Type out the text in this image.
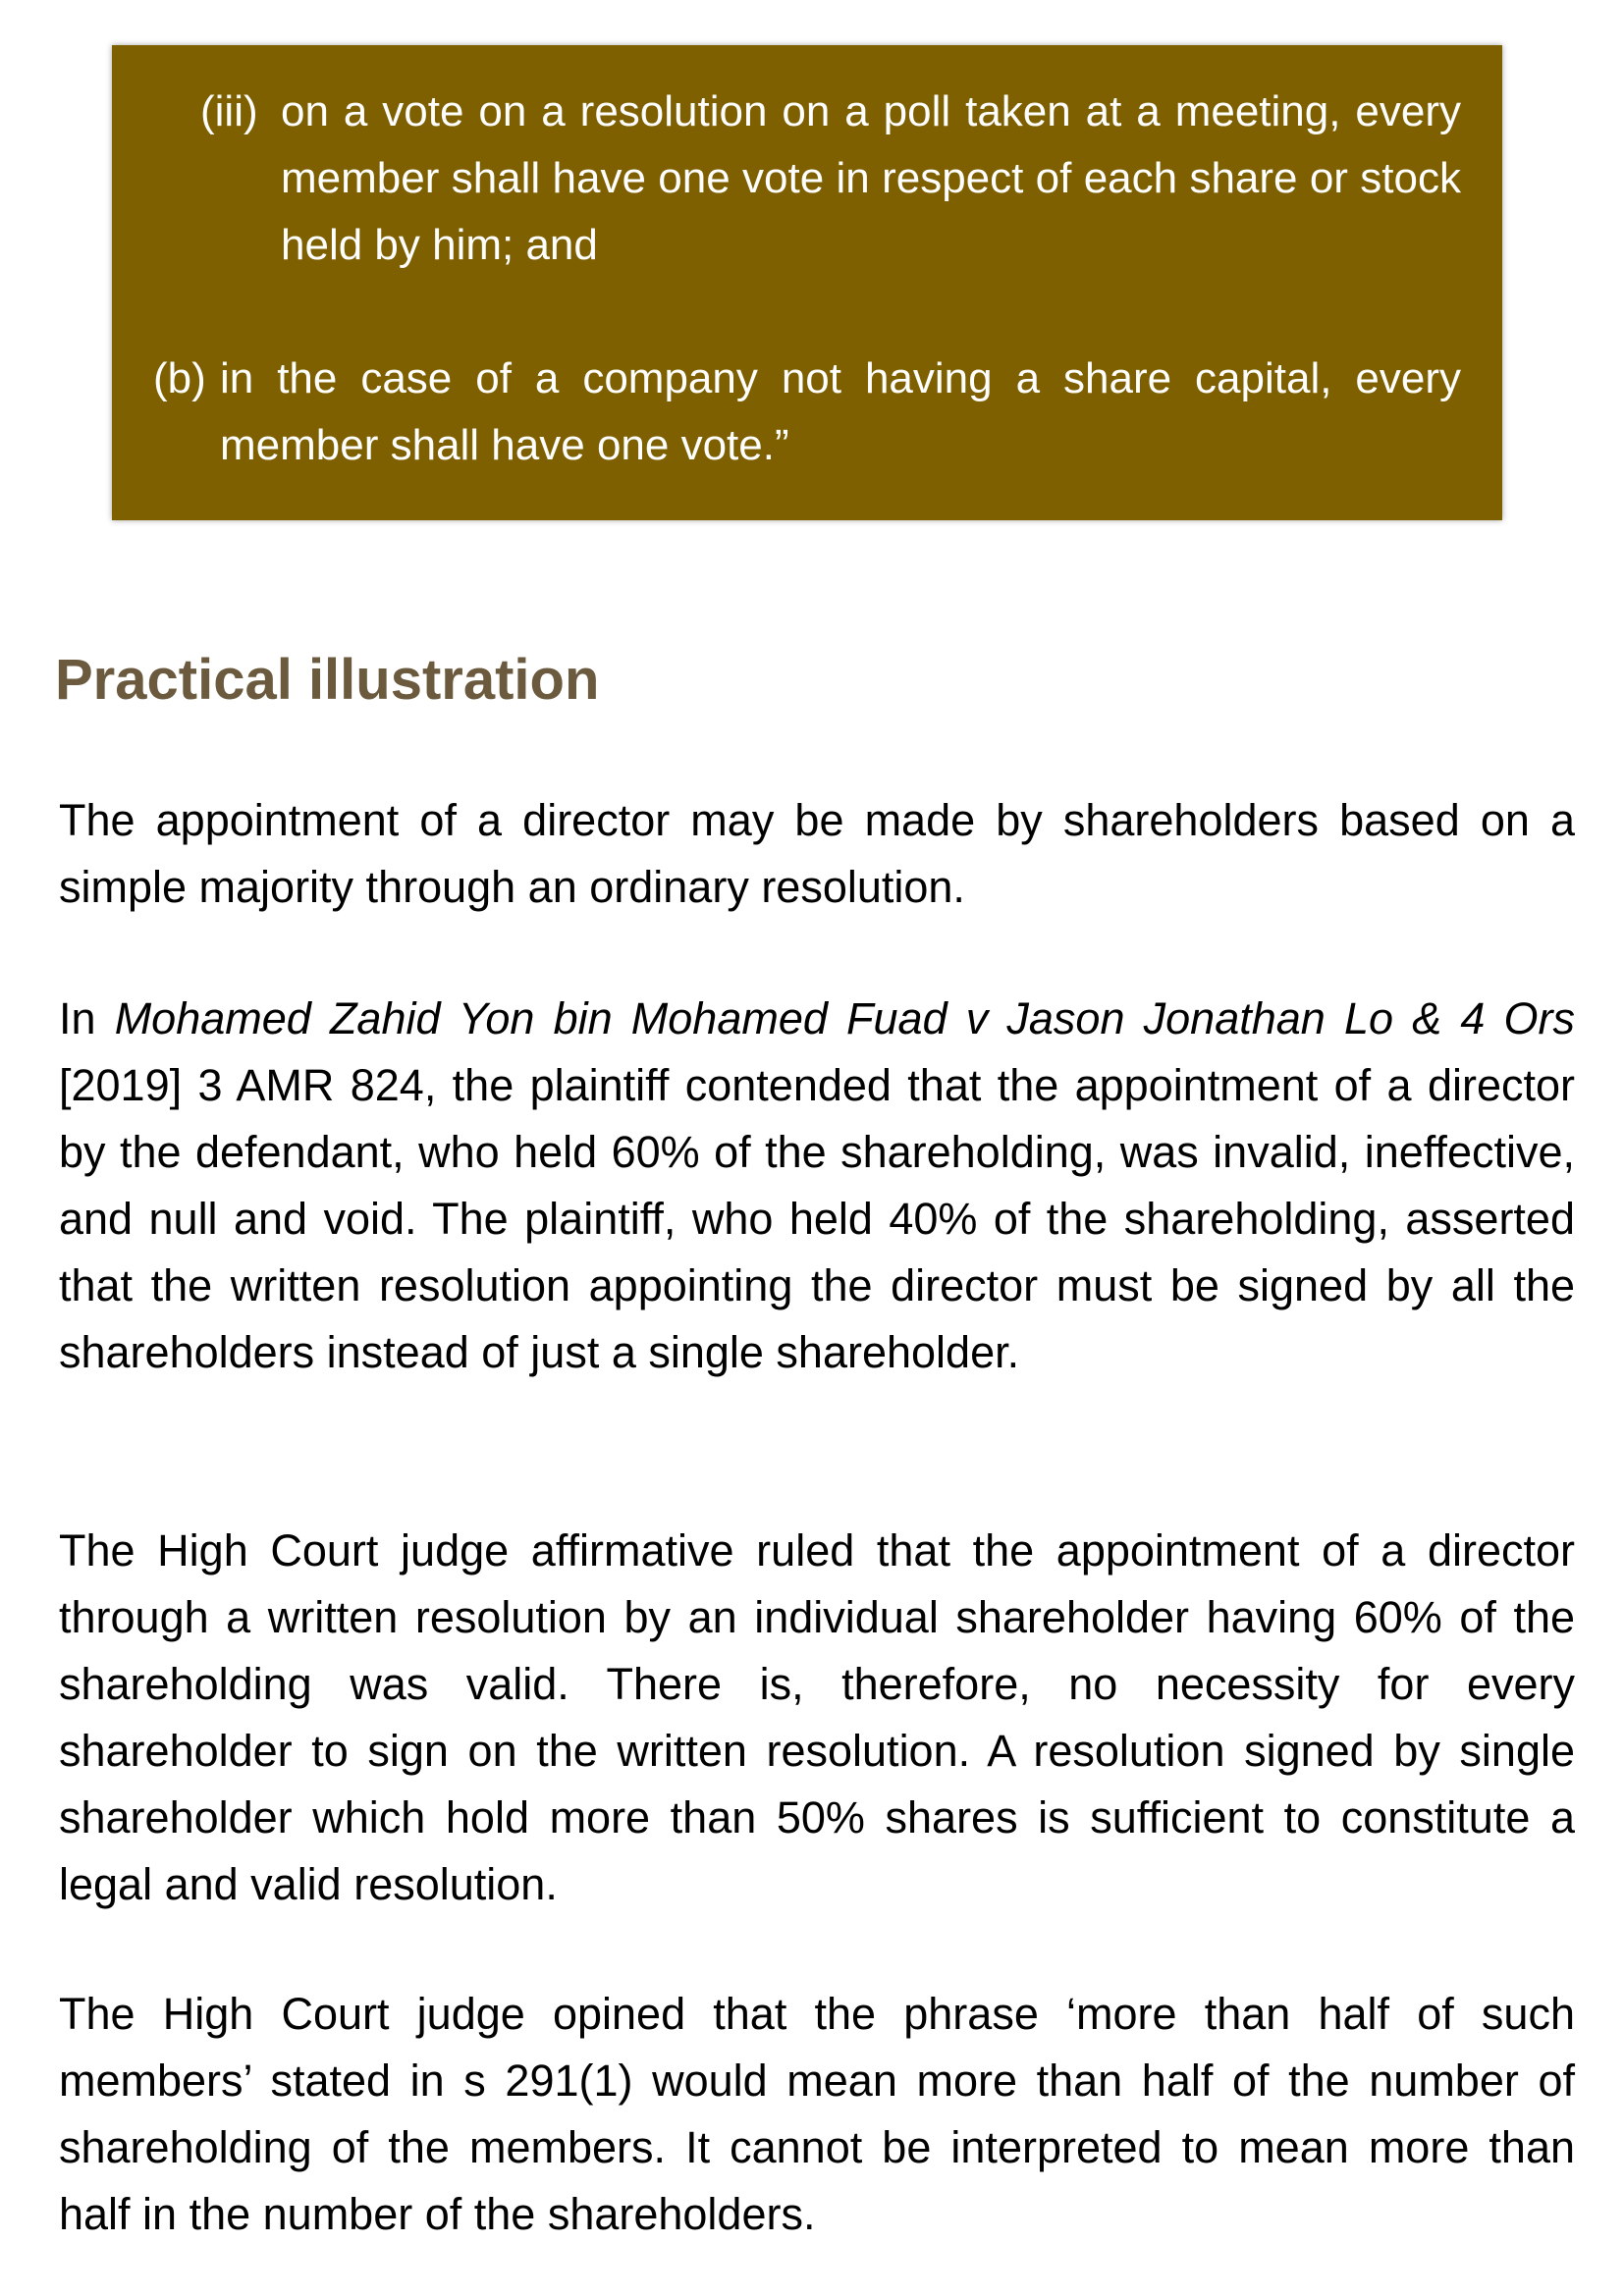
(iii) on a vote on a resolution on a poll taken at a meeting, every member shall have one vote in respect of each share or stock held by him; and
(b) in the case of a company not having a share capital, every member shall have one vote.”
Practical illustration

The appointment of a director may be made by shareholders based on a simple majority through an ordinary resolution.

In Mohamed Zahid Yon bin Mohamed Fuad v Jason Jonathan Lo & 4 Ors [2019] 3 AMR 824, the plaintiff contended that the appointment of a director by the defendant, who held 60% of the shareholding, was invalid, ineffective, and null and void. The plaintiff, who held 40% of the shareholding, asserted that the written resolution appointing the director must be signed by all the shareholders instead of just a single shareholder.

The High Court judge affirmative ruled that the appointment of a director through a written resolution by an individual shareholder having 60% of the shareholding was valid. There is, therefore, no necessity for every shareholder to sign on the written resolution. A resolution signed by single shareholder which hold more than 50% shares is sufficient to constitute a legal and valid resolution.

The High Court judge opined that the phrase ‘more than half of such members’ stated in s 291(1) would mean more than half of the number of shareholding of the members. It cannot be interpreted to mean more than half in the number of the shareholders.
